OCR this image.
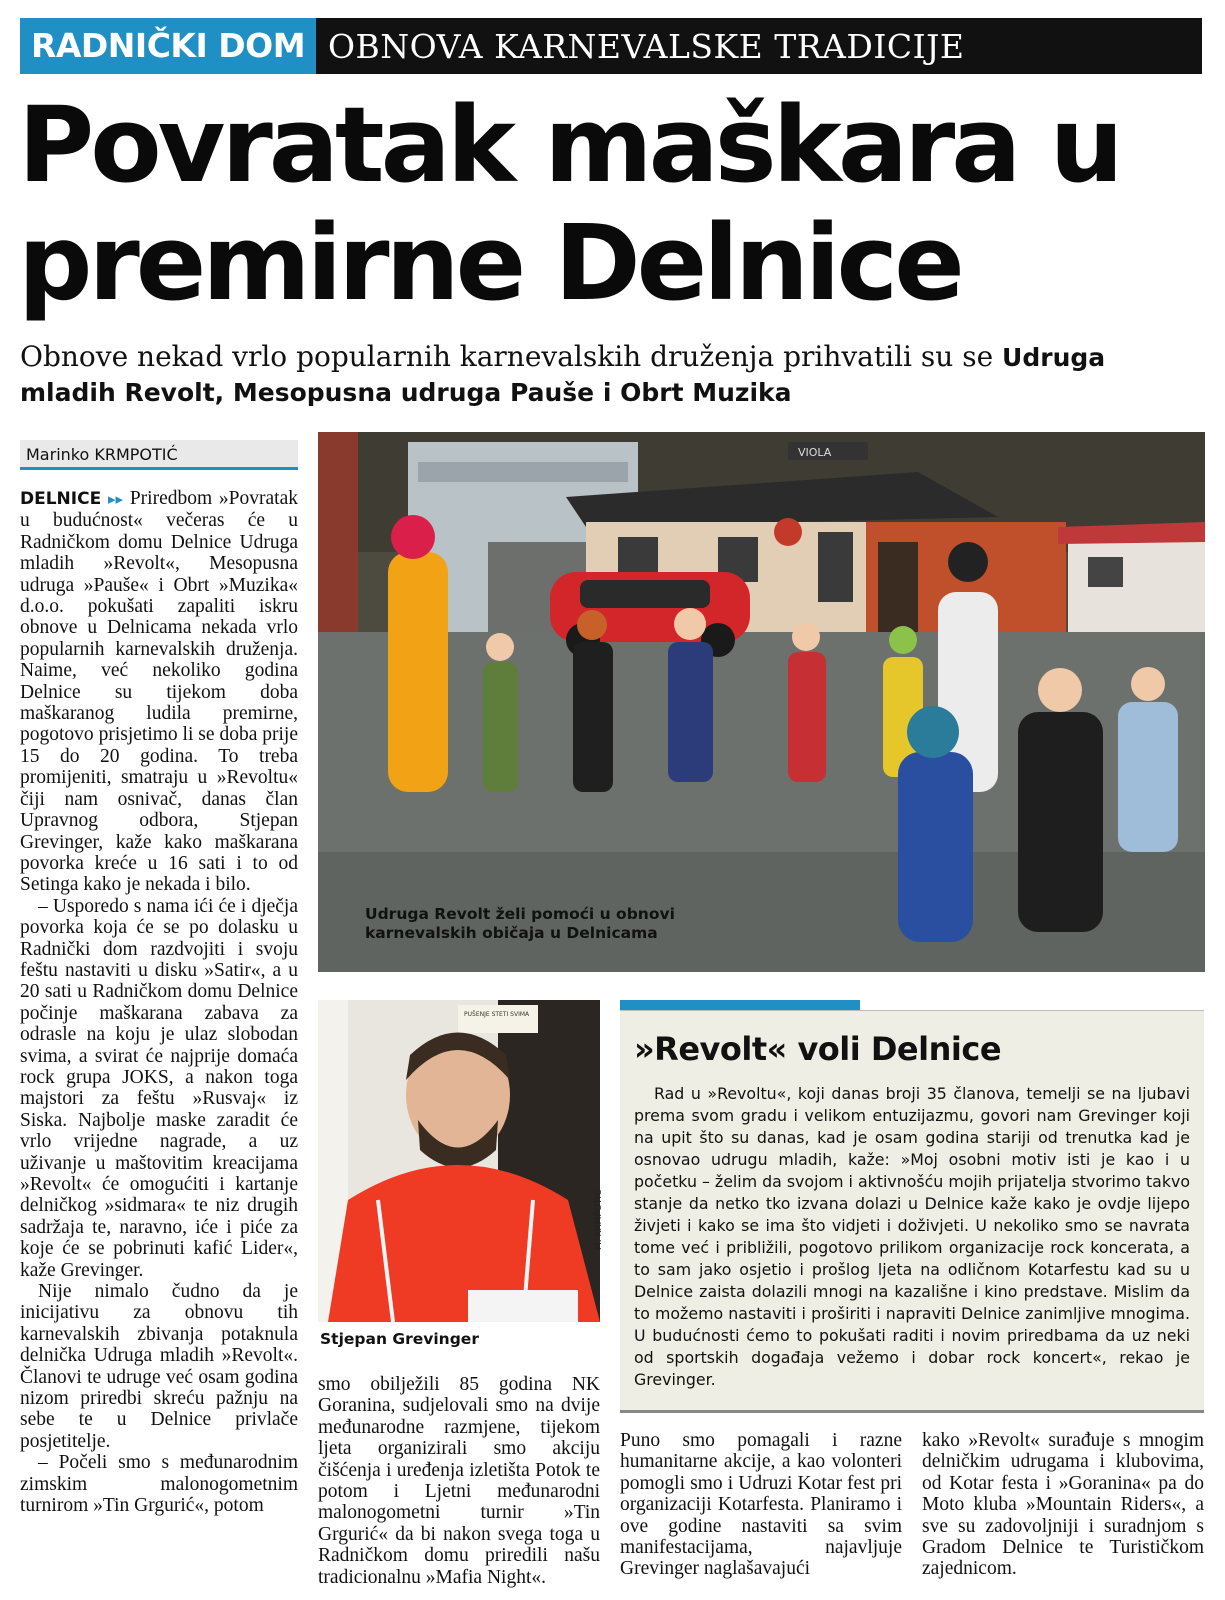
RADNIČKI DOM OBNOVA KARNEVALSKE TRADICIJE
Povratak maškara u
premirne Delnice
Obnove nekad vrlo popularnih karnevalskih druženja prihvatili su se Udruga mladih Revolt, Mesopusna udruga Pauše i Obrt Muzika
Marinko KRMPOTIĆ

DELNICE ▸▸ Priredbom »Povratak u budućnost« večeras će u Radničkom domu Delnice Udruga mladih »Revolt«, Mesopusna udruga »Pauše« i Obrt »Muzika« d.o.o. pokušati zapaliti iskru obnove u Delnicama nekada vrlo popularnih karnevalskih druženja. Naime, već nekoliko godina Delnice su tijekom doba maškaranog ludila premirne, pogotovo prisjetimo li se doba prije 15 do 20 godina. To treba promijeniti, smatraju u »Revoltu« čiji nam osnivač, danas član Upravnog odbora, Stjepan Grevinger, kaže kako maškarana povorka kreće u 16 sati i to od Setinga kako je nekada i bilo.

– Usporedo s nama ići će i dječja povorka koja će se po dolasku u Radnički dom razdvojiti i svoju feštu nastaviti u disku »Satir«, a u 20 sati u Radničkom domu Delnice počinje maškarana zabava za odrasle na koju je ulaz slobodan svima, a svirat će najprije domaća rock grupa JOKS, a nakon toga majstori za feštu »Rusvaj« iz Siska. Najbolje maske zaradit će vrlo vrijedne nagrade, a uz uživanje u maštovitim kreacijama »Revolt« će omogućiti i kartanje delničkog »sidmara« te niz drugih sadržaja te, naravno, iće i piće za koje će se pobrinuti kafić Lider«, kaže Grevinger.

Nije nimalo čudno da je inicijativu za obnovu tih karnevalskih zbivanja potaknula delnička Udruga mladih »Revolt«. Članovi te udruge već osam godina nizom priredbi skreću pažnju na sebe te u Delnice privlače posjetitelje.

– Počeli smo s međunarodnim zimskim malonogometnim turnirom »Tin Grgurić«, potom

VIOLA
Udruga Revolt želi pomoći u obnovi karnevalskih običaja u Delnicama
PUŠENJE STETI SVIMA
M. KRMPOTIĆ
Stjepan Grevinger

smo obilježili 85 godina NK Goranina, sudjelovali smo na dvije međunarodne razmjene, tijekom ljeta organizirali smo akciju čišćenja i uređenja izletišta Potok te potom i Ljetni međunarodni malonogometni turnir »Tin Grgurić« da bi nakon svega toga u Radničkom domu priredili našu tradicionalnu »Mafia Night«.

»Revolt« voli Delnice

Rad u »Revoltu«, koji danas broji 35 članova, temelji se na ljubavi prema svom gradu i velikom entuzijazmu, govori nam Grevinger koji na upit što su danas, kad je osam godina stariji od trenutka kad je osnovao udrugu mladih, kaže: »Moj osobni motiv isti je kao i u početku – želim da svojom i aktivnošću mojih prijatelja stvorimo takvo stanje da netko tko izvana dolazi u Delnice kaže kako je ovdje lijepo živjeti i kako se ima što vidjeti i doživjeti. U nekoliko smo se navrata tome već i približili, pogotovo prilikom organizacije rock koncerata, a to sam jako osjetio i prošlog ljeta na odličnom Kotarfestu kad su u Delnice zaista dolazili mnogi na kazališne i kino predstave. Mislim da to možemo nastaviti i proširiti i napraviti Delnice zanimljive mnogima. U budućnosti ćemo to pokušati raditi i novim priredbama da uz neki od sportskih događaja vežemo i dobar rock koncert«, rekao je Grevinger.

Puno smo pomagali i razne humanitarne akcije, a kao volonteri pomogli smo i Udruzi Kotar fest pri organizaciji Kotarfesta. Planiramo i ove godine nastaviti sa svim manifestacijama, najavljuje Grevinger naglašavajući

kako »Revolt« surađuje s mnogim delničkim udrugama i klubovima, od Kotar festa i »Goranina« pa do Moto kluba »Mountain Riders«, a sve su zadovoljniji i suradnjom s Gradom Delnice te Turističkom zajednicom.
